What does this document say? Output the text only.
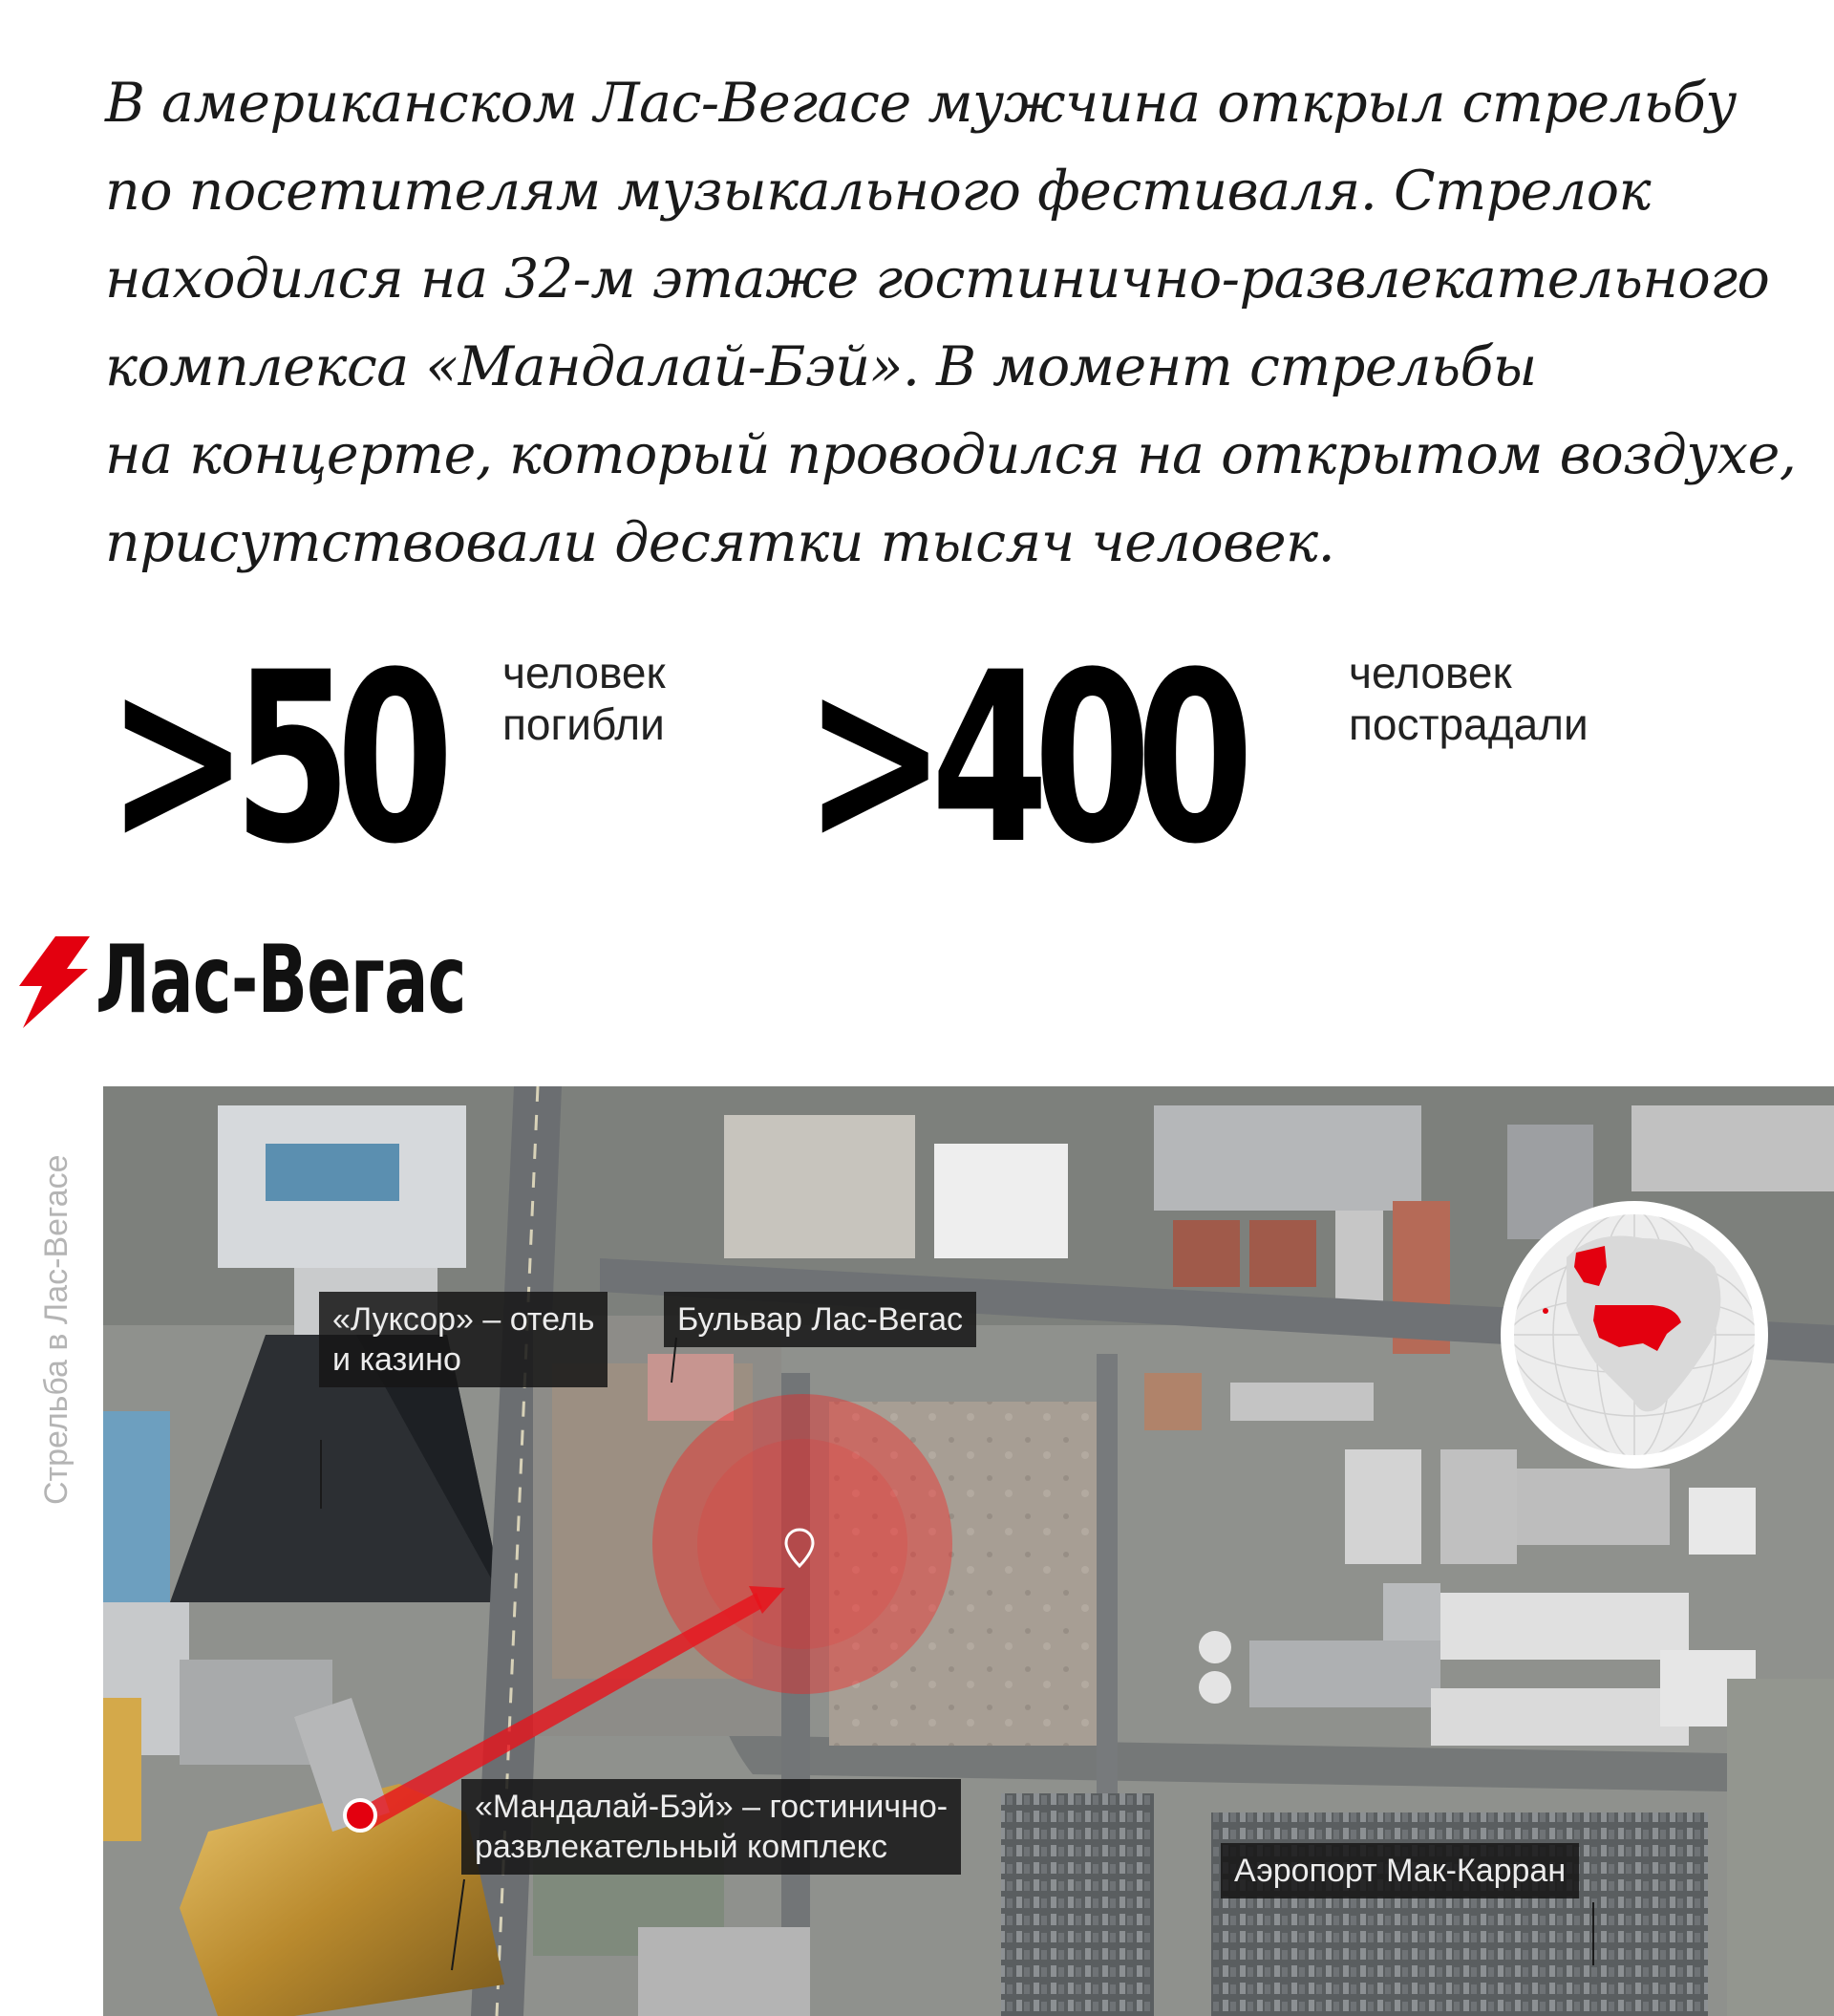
В американском Лас-Вегасе мужчина открыл стрельбу
по посетителям музыкального фестиваля. Стрелок
находился на 32-м этаже гостинично-развлекательного
комплекса «Мандалай-Бэй». В момент стрельбы
на концерте, который проводился на открытом воздухе,
присутствовали десятки тысяч человек.
>50 человек
погибли >400	человек
пострадали
Лас-Вегас
Стрельба в Лас-Вегасе	«Луксор» – отель
и казино
Бульвар Лас-Вегас
«Мандалай-Бэй» – гостинично-
развлекательный комплекс
Аэропорт Мак-Карран
